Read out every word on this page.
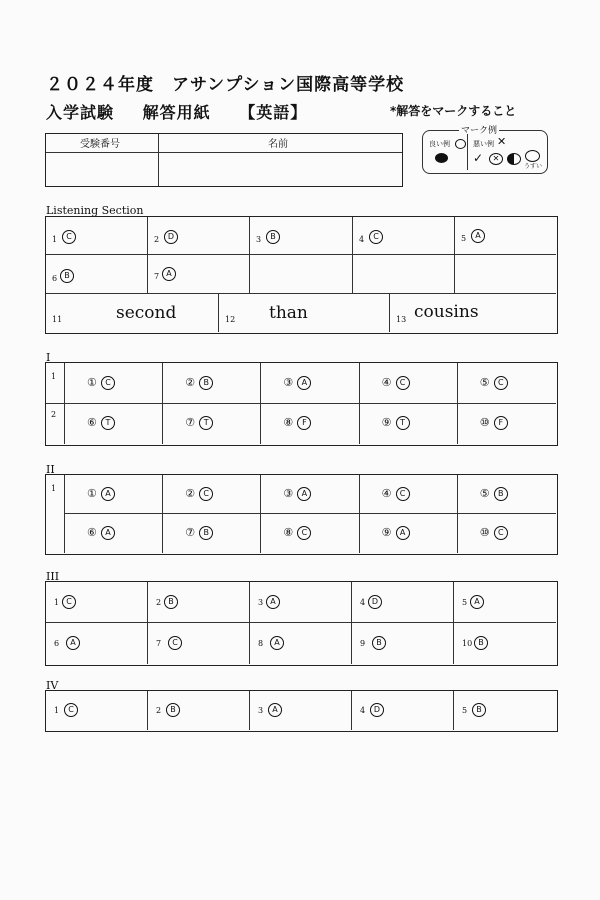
２０２４年度　アサンプション国際高等学校
入学試験 解答用紙 【英語】	*解答をマークすること
受験番号	名前
マーク例
良い例	悪い例 ✕
✓	✕
うすい
Listening Section
1	C	2	D	3	B	4	C	5	A
6 B	7 A
11	second	12 than	13 cousins
I
1
2
①	C	②	B	③	A	④	C	⑤	C
⑥	T	⑦	T	⑧	F	⑨	T	⑩	F
II
1	①	A	②	C	③	A	④	C	⑤	B
⑥	A	⑦	B	⑧	C	⑨	A	⑩	C
III
1 C	2 B	3 A	4 D	5 A
6	A	7	C	8	A	9	B	10 B
IV
1	C	2	B	3	A	4	D	5	B
